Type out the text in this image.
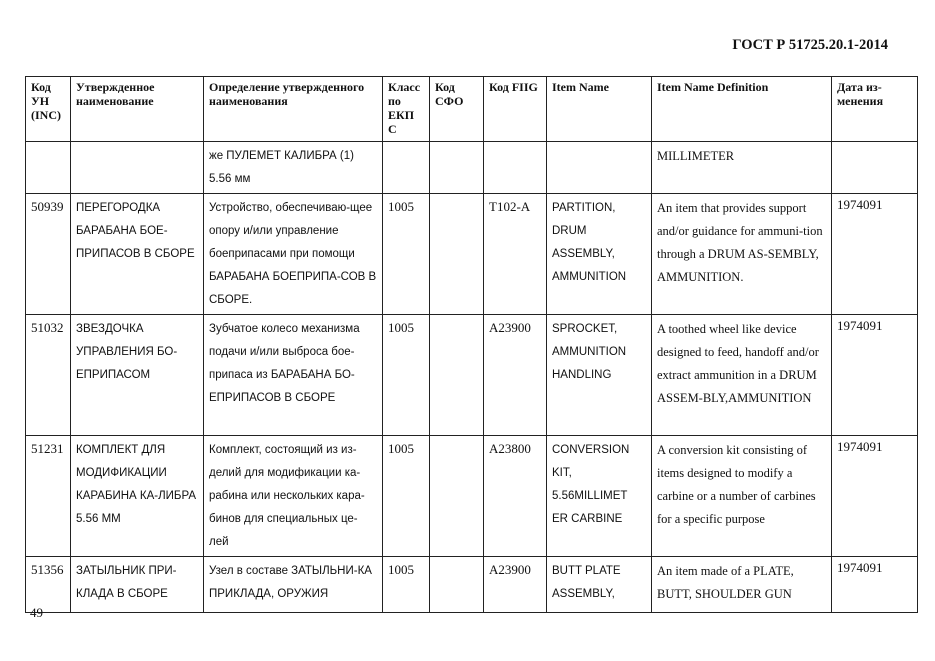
ГОСТ Р 51725.20.1-2014
Код УН (INC)	Утвержденное наименование	Определение утвержденного наименования	Класс по ЕКП С	Код СФО	Код FIIG	Item Name	Item Name Definition	Дата из-менения
		же ПУЛЕМЕТ КАЛИБРА (1) 5.56 мм					MILLIMETER	
50939	ПЕРЕГОРОДКА БАРАБАНА БОЕ-ПРИПАСОВ В СБОРЕ	Устройство, обеспечиваю-щее опору и/или управление боеприпасами при помощи БАРАБАНА БОЕПРИПА-СОВ В СБОРЕ.	1005		T102-A	PARTITION, DRUM ASSEMBLY, AMMUNITION	An item that provides support and/or guidance for ammuni-tion through a DRUM AS-SEMBLY, AMMUNITION.	1974091
51032	ЗВЕЗДОЧКА УПРАВЛЕНИЯ БО-ЕПРИПАСОМ	Зубчатое колесо механизма подачи и/или выброса бое-припаса из БАРАБАНА БО-ЕПРИПАСОВ В СБОРЕ	1005		A23900	SPROCKET, AMMUNITION HANDLING	A toothed wheel like device designed to feed, handoff and/or extract ammunition in a DRUM ASSEM-BLY,AMMUNITION	1974091
51231	КОМПЛЕКТ ДЛЯ МОДИФИКАЦИИ КАРАБИНА КА-ЛИБРА 5.56 ММ	Комплект, состоящий из из-делий для модификации ка-рабина или нескольких кара-бинов для специальных це-лей	1005		A23800	CONVERSION KIT, 5.56MILLIMET ER CARBINE	A conversion kit consisting of items designed to modify a carbine or a number of carbines for a specific purpose	1974091
51356	ЗАТЫЛЬНИК ПРИ-КЛАДА В СБОРЕ	Узел в составе ЗАТЫЛЬНИ-КА ПРИКЛАДА, ОРУЖИЯ	1005		A23900	BUTT PLATE ASSEMBLY,	An item made of a PLATE, BUTT, SHOULDER GUN	1974091
49
